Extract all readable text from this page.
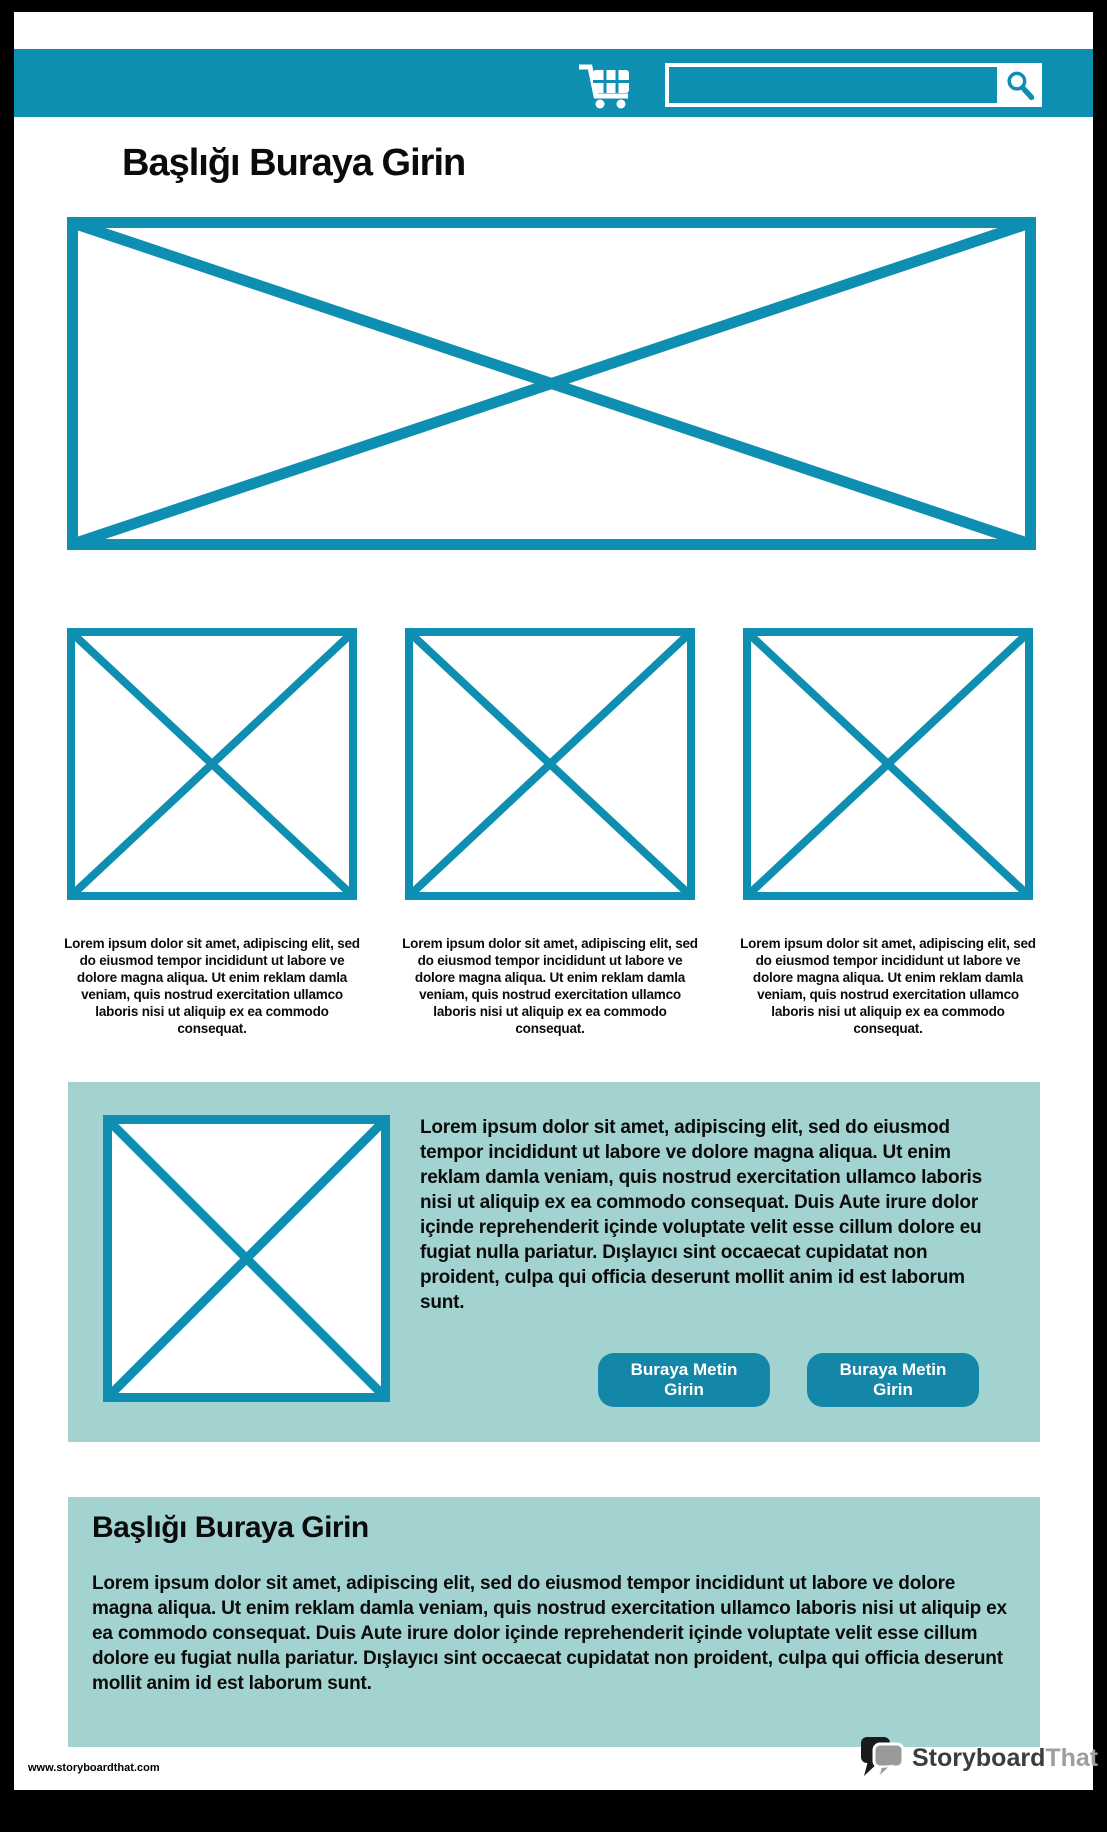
Başlığı Buraya Girin
Lorem ipsum dolor sit amet, adipiscing elit, sed do eiusmod tempor incididunt ut labore ve dolore magna aliqua. Ut enim reklam damla veniam, quis nostrud exercitation ullamco laboris nisi ut aliquip ex ea commodo consequat.
Lorem ipsum dolor sit amet, adipiscing elit, sed do eiusmod tempor incididunt ut labore ve dolore magna aliqua. Ut enim reklam damla veniam, quis nostrud exercitation ullamco laboris nisi ut aliquip ex ea commodo consequat.
Lorem ipsum dolor sit amet, adipiscing elit, sed do eiusmod tempor incididunt ut labore ve dolore magna aliqua. Ut enim reklam damla veniam, quis nostrud exercitation ullamco laboris nisi ut aliquip ex ea commodo consequat.
Lorem ipsum dolor sit amet, adipiscing elit, sed do eiusmod tempor incididunt ut labore ve dolore magna aliqua. Ut enim reklam damla veniam, quis nostrud exercitation ullamco laboris nisi ut aliquip ex ea commodo consequat. Duis Aute irure dolor içinde reprehenderit içinde voluptate velit esse cillum dolore eu fugiat nulla pariatur. Dışlayıcı sint occaecat cupidatat non proident, culpa qui officia deserunt mollit anim id est laborum sunt.
Buraya Metin Girin
Buraya Metin Girin
Başlığı Buraya Girin
Lorem ipsum dolor sit amet, adipiscing elit, sed do eiusmod tempor incididunt ut labore ve dolore magna aliqua. Ut enim reklam damla veniam, quis nostrud exercitation ullamco laboris nisi ut aliquip ex ea commodo consequat. Duis Aute irure dolor içinde reprehenderit içinde voluptate velit esse cillum dolore eu fugiat nulla pariatur. Dışlayıcı sint occaecat cupidatat non proident, culpa qui officia deserunt mollit anim id est laborum sunt.
www.storyboardthat.com	StoryboardThat
